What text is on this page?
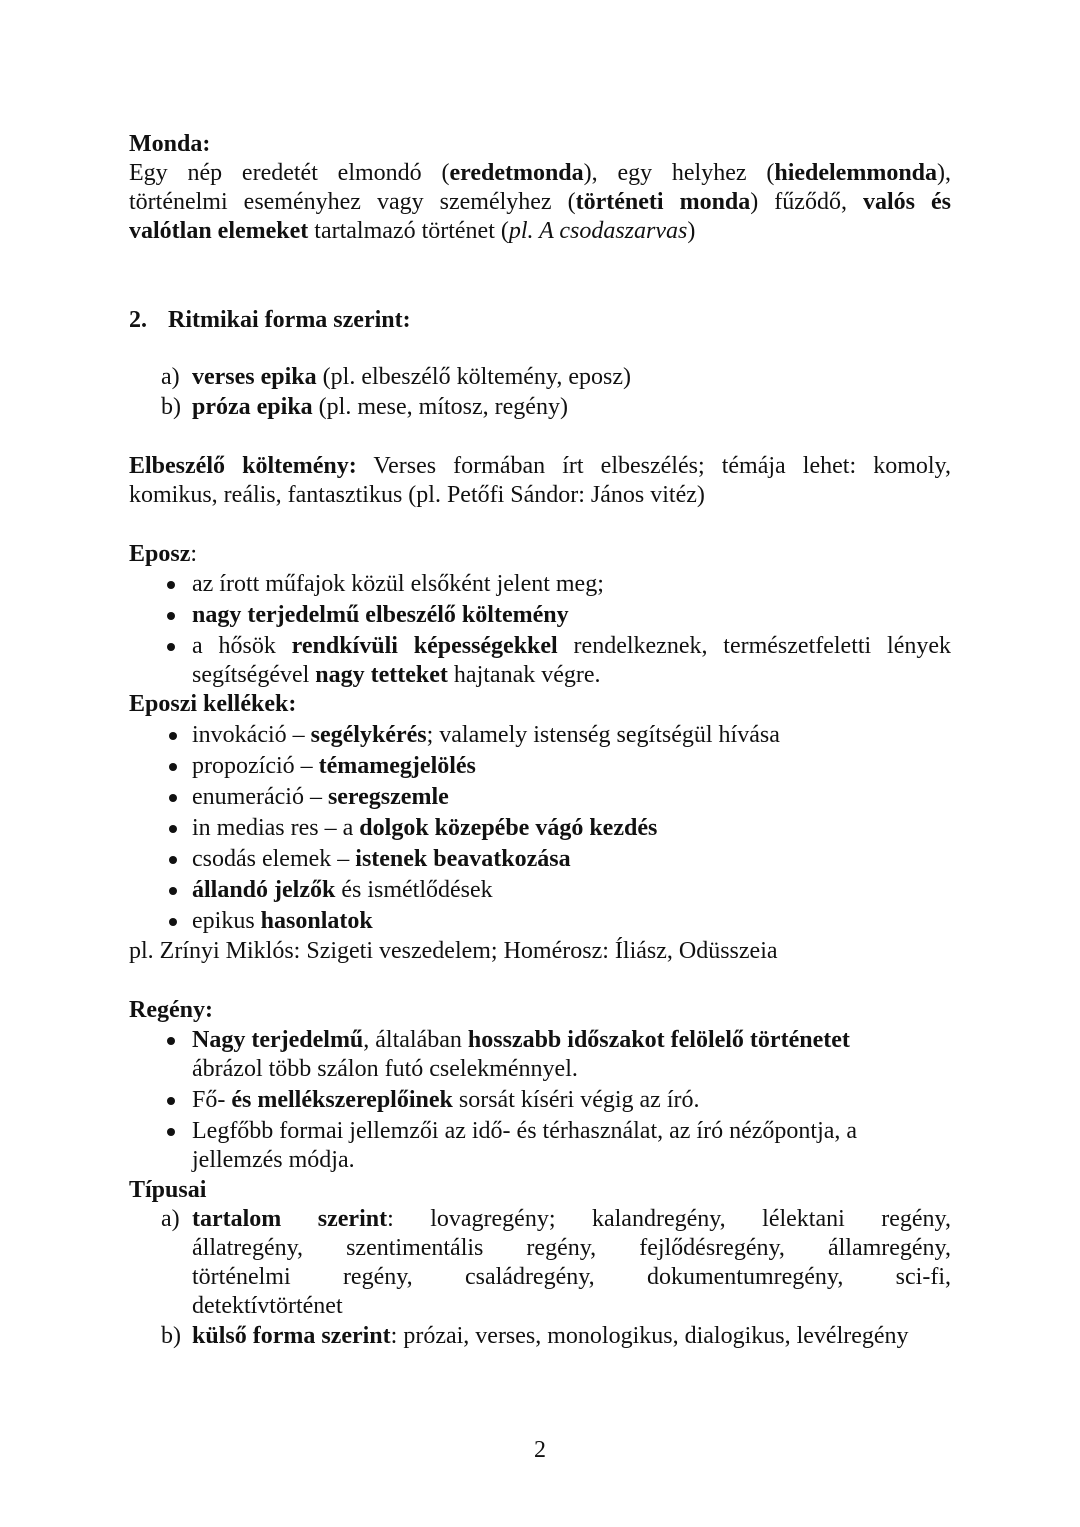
Monda:
Egy nép eredetét elmondó (eredetmonda), egy helyhez (hiedelemmonda),
történelmi eseményhez vagy személyhez (történeti monda) fűződő, valós és
valótlan elemeket tartalmazó történet (pl. A csodaszarvas)
2. Ritmikai forma szerint:
a) verses epika (pl. elbeszélő költemény, eposz)
b) próza epika (pl. mese, mítosz, regény)
Elbeszélő költemény: Verses formában írt elbeszélés; témája lehet: komoly,
komikus, reális, fantasztikus (pl. Petőfi Sándor: János vitéz)
Eposz:
az írott műfajok közül elsőként jelent meg;
nagy terjedelmű elbeszélő költemény
a hősök rendkívüli képességekkel rendelkeznek, természetfeletti lények
segítségével nagy tetteket hajtanak végre.
Eposzi kellékek:
invokáció – segélykérés; valamely istenség segítségül hívása
propozíció – témamegjelölés
enumeráció – seregszemle
in medias res – a dolgok közepébe vágó kezdés
csodás elemek – istenek beavatkozása
állandó jelzők és ismétlődések
epikus hasonlatok
pl. Zrínyi Miklós: Szigeti veszedelem; Homérosz: Íliász, Odüsszeia
Regény:
Nagy terjedelmű, általában hosszabb időszakot felölelő történetet
ábrázol több szálon futó cselekménnyel.
Fő- és mellékszereplőinek sorsát kíséri végig az író.
Legfőbb formai jellemzői az idő- és térhasználat, az író nézőpontja, a
jellemzés módja.
Típusai
a) tartalom szerint: lovagregény; kalandregény, lélektani regény,
állatregény, szentimentális regény, fejlődésregény, államregény,
történelmi regény, családregény, dokumentumregény, sci-fi,
detektívtörténet
b) külső forma szerint: prózai, verses, monologikus, dialogikus, levélregény
2
